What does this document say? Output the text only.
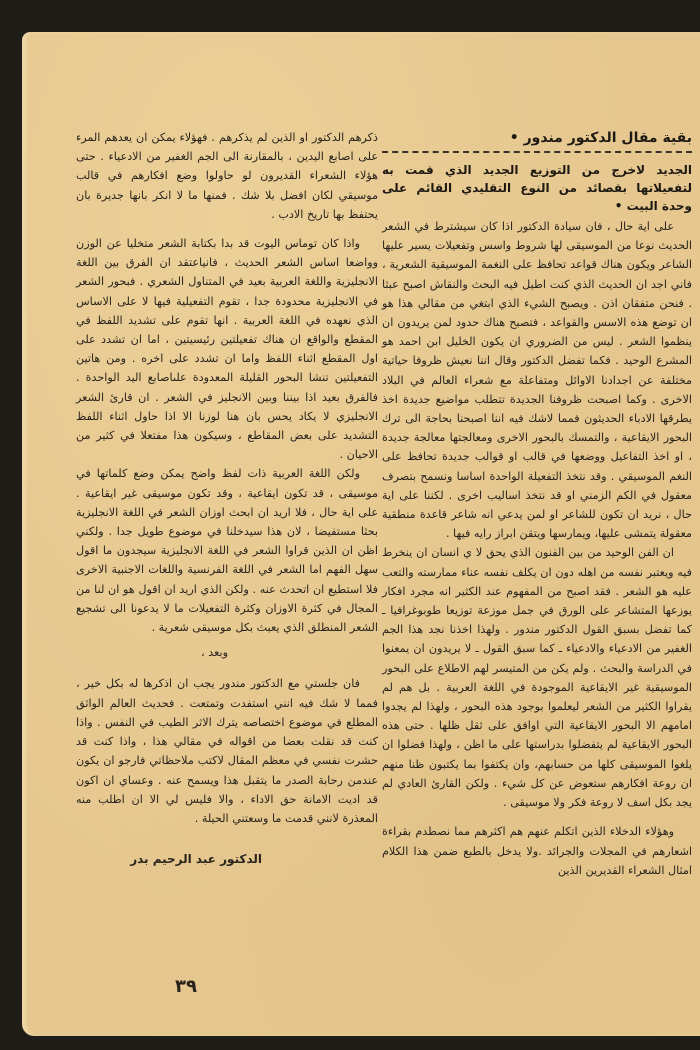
بقية مقال الدكتور مندور •
الجديد لاخرج من التوزيع الجديد الذي قمت به لتفعيلاتها بقصائد من النوع التقليدي القائم على وحدة البيت •

على اية حال ، فان سيادة الدكتور اذا كان سيشترط في الشعر الحديث نوعا من الموسيقى لها شروط واسس وتفعيلات يسير عليها الشاعر ويكون هناك قواعد تحافظ على النغمة الموسيقية الشعرية ، فاني اجد ان الحديث الذي كنت اطيل فيه البحث والنقاش اصبح عبثا . فنحن متفقان اذن . ويصبح الشيء الذي ابتغي من مقالي هذا هو ان توضع هذه الاسس والقواعد ، فتصبح هناك حدود لمن يريدون ان ينظموا الشعر . ليس من الضروري ان يكون الخليل ابن احمد هو المشرع الوحيد . فكما تفضل الدكتور وقال اننا نعيش ظروفا حياتية مختلفة عن اجدادنا الاوائل ومتفاعلة مع شعراء العالم في البلاد الاخرى . وكما اصبحت ظروفنا الجديدة تتطلب مواضيع جديدة اخذ يطرقها الادباء الحديثون فمما لاشك فيه اننا اصبحنا بحاجة الى ترك البحور الايقاعية ، والتمسك بالبحور الاخرى ومعالجتها معالجة جديدة ، او اخذ التفاعيل ووضعها في قالب او قوالب جديدة تحافظ على النغم الموسيقي . وقد نتخذ التفعيلة الواحدة اساسا ونسمح بتصرف معقول في الكم الزمني او قد نتخذ اساليب اخرى . لكننا على اية حال ، نريد ان تكون للشاعر او لمن يدعي انه شاعر قاعدة منطقية معقولة يتمشى عليها، ويمارسها ويتقن ابراز رايه فيها .

ان الفن الوحيد من بين الفنون الذي يحق لا ي انسان ان ينخرط فيه ويعتبر نفسه من اهله دون ان يكلف نفسه عناء ممارسته والتعب عليه هو الشعر . فقد اصبح من المفهوم عند الكثير انه مجرد افكار يوزعها المتشاعر على الورق في جمل موزعة توزيعا طوبوغرافيا ـ كما تفضل بسبق القول الدكتور مندور . ولهذا اخذنا نجد هذا الجم الغفير من الادعياء والادعياء ـ كما سبق القول ـ لا يريدون ان يمعنوا في الدراسة والبحث . ولم يكن من المتيسر لهم الاطلاع على البحور الموسيقية غير الايقاعية الموجودة في اللغة العربية . بل هم لم يقراوا الكثير من الشعر ليعلموا بوجود هذه البحور ، ولهذا لم يجدوا امامهم الا البحور الايقاعية التي اوافق على ثقل ظلها . حتى هذه البحور الايقاعية لم يتفضلوا بدراستها على ما اظن ، ولهذا فضلوا ان يلغوا الموسيقى كلها من حسابهم، وان يكتفوا بما يكتبون ظنا منهم ان روعة افكارهم ستعوض عن كل شيء . ولكن القارئ العادي لم يجد بكل اسف لا روعة فكر ولا موسيقى .

وهؤلاء الدخلاء الذين اتكلم عنهم هم اكثرهم مما نصطدم بقراءة اشعارهم في المجلات والجرائد .ولا يدخل بالطبع ضمن هذا الكلام امثال الشعراء القديرين الذين

ذكرهم الدكتور او الذين لم يذكرهم . فهؤلاء يمكن ان يعدهم المرء على اصابع اليدين ، بالمقارنة الى الجم الغفير من الادعياء . حتى هؤلاء الشعراء القديرون لو حاولوا وضع افكارهم في قالب موسيقي لكان افضل بلا شك . فمنها ما لا انكر بانها جديرة بان يحتفظ بها تاريخ الادب .

واذا كان توماس اليوت قد بدا بكتابة الشعر متخليا عن الوزن وواضعا اساس الشعر الحديث ، فانياعتقد ان الفرق بين اللغة الانجليزية واللغة العربية بعيد في المتناول الشعري . فبحور الشعر في الانجليزية محدودة جدا ، تقوم التفعيلية فيها لا على الاساس الذي نعهده في اللغة العربية . انها تقوم على تشديد اللفظ في المقطع والواقع ان هناك تفعيلتين رئيسيتين ، اما ان تشدد على اول المقطع اثناء اللفظ واما ان تشدد على اخره . ومن هاتين التفعيلتين تنشا البحور القليلة المعدودة علىاصابع اليد الواحدة . فالفرق بعيد اذا بيننا وبين الانجليز في الشعر . ان قارئ الشعر الانجليزي لا يكاد يحس بان هنا لوزنا الا اذا حاول اثناء اللفظ التشديد على بعض المقاطع ، وسيكون هذا مفتعلا في كثير من الاحيان .

ولكن اللغة العربية ذات لفظ واضح يمكن وضع كلماتها في موسيقى ، قد تكون ايقاعية ، وقد تكون موسيقى غير ايقاعية . على اية حال ، فلا اريد ان ابحث اوزان الشعر في اللغة الانجليزية بحثا مستفيضا ، لان هذا سيدخلنا في موضوع طويل جدا . ولكني اظن ان الذين قراوا الشعر في اللغة الانجليزية سيجدون ما اقول سهل الفهم اما الشعر في اللغة الفرنسية واللغات الاجنبية الاخرى فلا استطيع ان اتحدث عنه . ولكن الذي اريد ان اقول هو ان لنا من المجال في كثرة الاوزان وكثرة التفعيلات ما لا يدعونا الى تشجيع الشعر المنطلق الذي يعبث بكل موسيقى شعرية .

وبعد ،

فان جلستي مع الدكتور مندور يجب ان اذكرها له بكل خير ، فمما لا شك فيه انني استفدت وتمتعت . فحديث العالم الواثق المطلع في موضوع اختصاصه يترك الاثر الطيب في النفس . واذا كنت قد نقلت بعضا من اقواله في مقالي هذا ، واذا كنت قد حشرت نفسي في معظم المقال لاكتب ملاحظاتي فارجو ان يكون عندمن رحابة الصدر ما يتقبل هذا ويسمح عنه . وعساي ان اكون قد اديت الامانة حق الاداء ، والا فليس لي الا ان اطلب منه المعذرة لانني قدمت ما وسعتني الحيلة .

الدكتور عبد الرحيم بدر
٣٩
